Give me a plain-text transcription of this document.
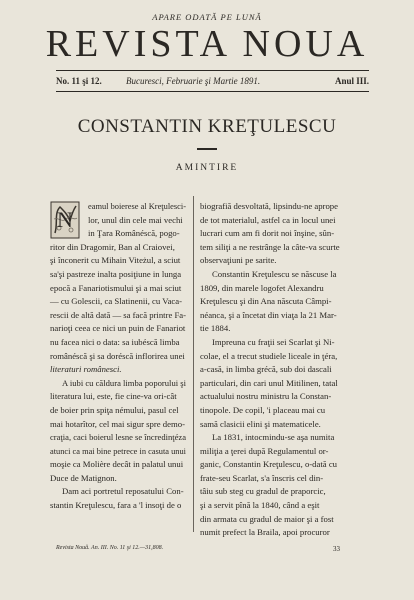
APARE ODATĂ PE LUNĂ
REVISTA NOUA
No. 11 şi 12.	Bucuresci, Februarie şi Martie 1891.	Anul III.
CONSTANTIN KREŢULESCU
AMINTIRE
N
eamul boierese al Kreţulesci-
lor, unul din cele mai vechi
in Ţara Românéscă, pogo-
ritor din Dragomir, Ban al Craiovei,
şi înconerit cu Mihain Viteżul, a sciut
sa'şi pastreze inalta posiţiune in lunga
epocă a Fanariotismului şi a mai sciut
— cu Golescii, ca Slatinenii, cu Vaca-
rescii de altă dată — sa facă printre Fa-
narioţi ceea ce nici un puin de Fanariot
nu facea nici o data: sa iubéscă limba
românéscă şi sa doréscă inflorirea unei
literaturi românesci.
A iubi cu căldura limba poporului şi
literatura lui, este, fie cine-va ori-cât
de boier prin spiţa némului, pasul cel
mai hotarîtor, cel mai sigur spre demo-
craţia, caci boierul lesne se încredinţéza
atunci ca mai bine petrece in casuta unui
moşie ca Molière decât in palatul unui
Duce de Matignon.
Dam aci portretul reposatului Con-
stantin Kreţulescu, fara a 'l insoţi de o
biografiă desvoltată, lipsindu-ne aprope
de tot materialul, astfel ca in locul unei
lucrari cum am fi dorit noi înşine, sûn-
tem siliţi a ne restrânge la câte-va scurte
observaţiuni pe sarite.
Constantin Kreţulescu se născuse la
1809, din marele logofet Alexandru
Kreţulescu şi din Ana născuta Câmpi-
néanca, şi a încetat din viaţa la 21 Mar-
tie 1884.
Impreuna cu fraţii sei Scarlat şi Ni-
colae, el a trecut studiele liceale in ţéra,
a-casă, in limba grécă, sub doi dascali
particulari, din cari unul Mitilinen, tatal
actualului nostru ministru la Constan-
tinopole. De copil, 'i placeau mai cu
samă clasicii elini şi matematicele.
La 1831, intocmindu-se aşa numita
miliţia a ţerei după Regulamentul or-
ganic, Constantin Kreţulescu, o-dată cu
frate-seu Scarlat, s'a înscris cel din-
tâiu sub steg cu gradul de praporcic,
şi a servit pînă la 1840, când a eşit
din armata cu gradul de maior şi a fost
numit prefect la Braila, apoi procuror
Revista Nouă. An. III. No. 11 şi 12.—31,808.	33
